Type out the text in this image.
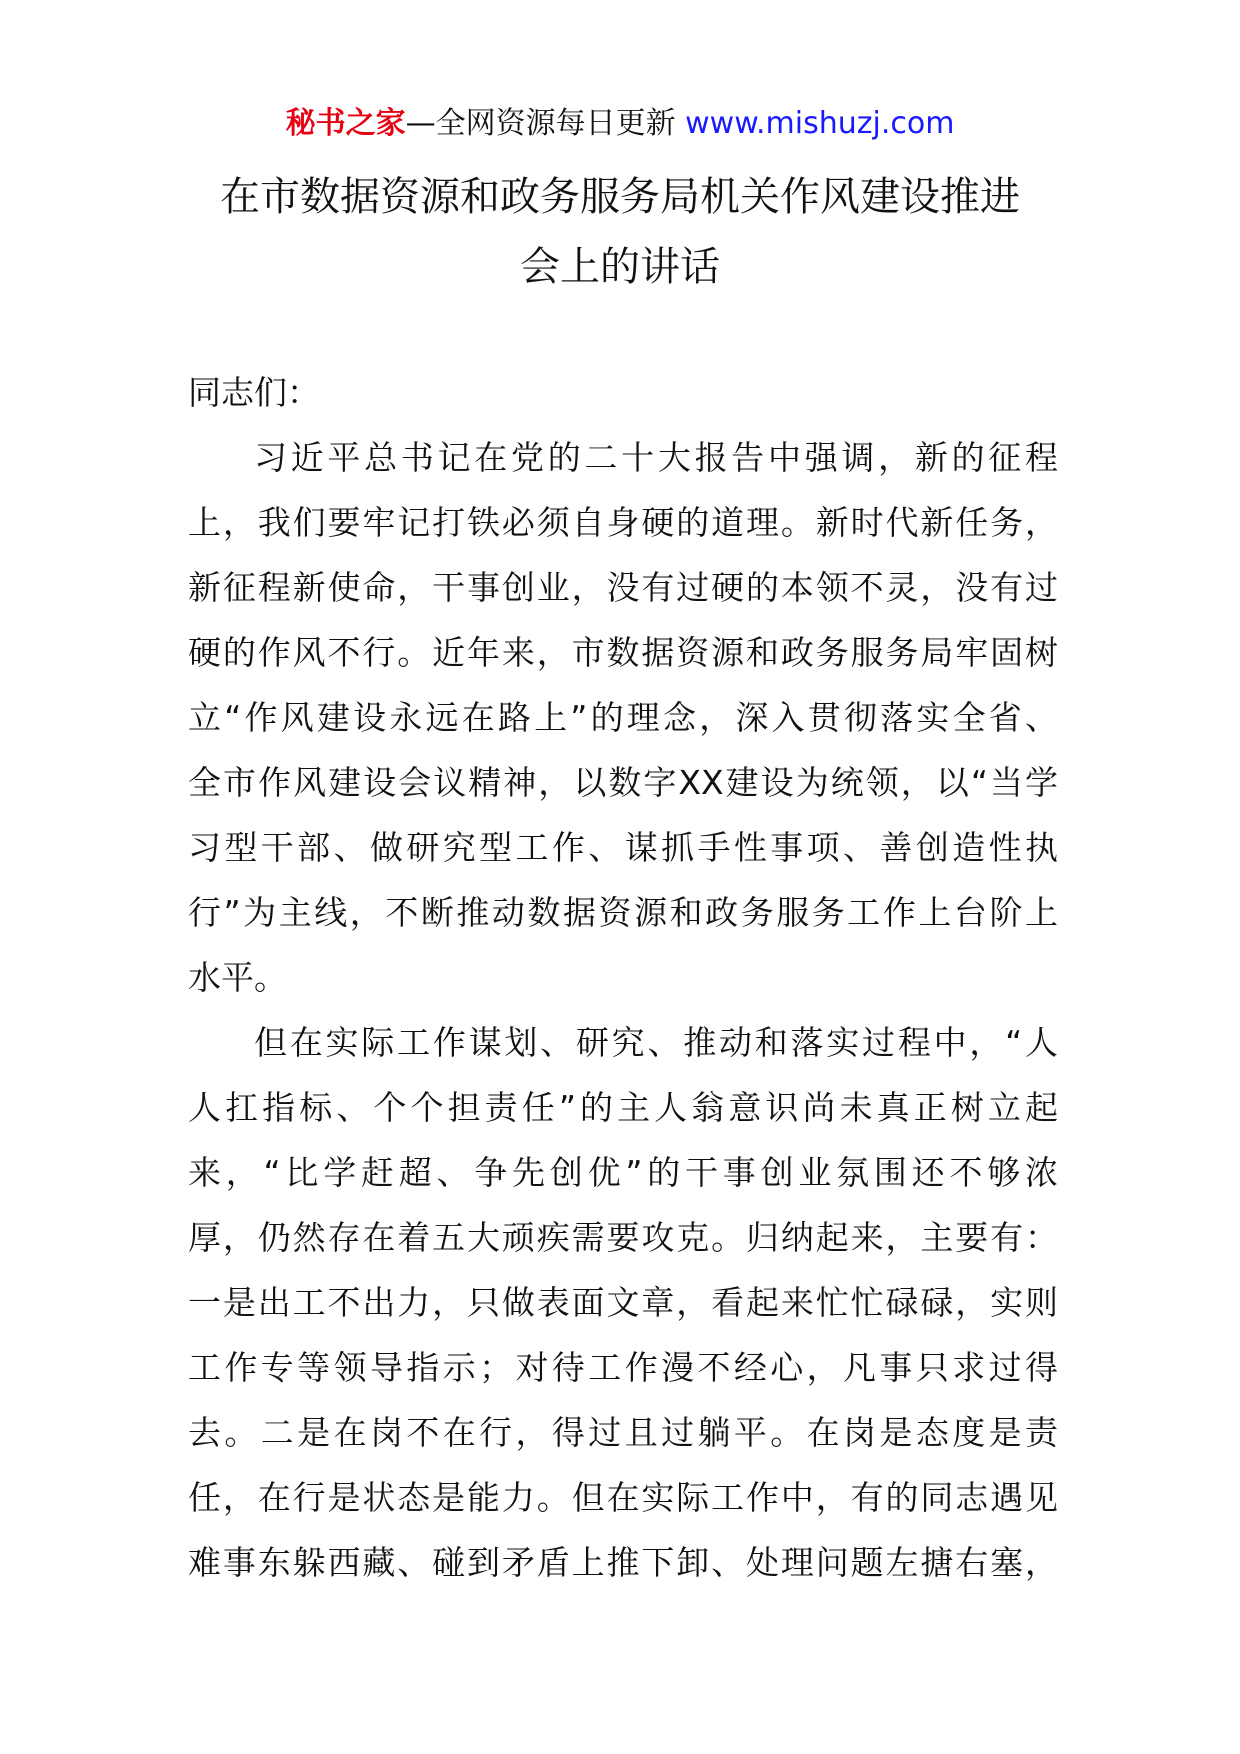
秘书之家—全网资源每日更新 www.mishuzj.com
在市数据资源和政务服务局机关作风建设推进
会上的讲话
同志们：
习近平总书记在党的二十大报告中强调，新的征程
上，我们要牢记打铁必须自身硬的道理。新时代新任务，
新征程新使命，干事创业，没有过硬的本领不灵，没有过
硬的作风不行。近年来，市数据资源和政务服务局牢固树
立“作风建设永远在路上”的理念，深入贯彻落实全省、
全市作风建设会议精神，以数字XX建设为统领，以“当学
习型干部、做研究型工作、谋抓手性事项、善创造性执
行”为主线，不断推动数据资源和政务服务工作上台阶上
水平。
但在实际工作谋划、研究、推动和落实过程中，“人
人扛指标、个个担责任”的主人翁意识尚未真正树立起
来，“比学赶超、争先创优”的干事创业氛围还不够浓
厚，仍然存在着五大顽疾需要攻克。归纳起来，主要有：
一是出工不出力，只做表面文章，看起来忙忙碌碌，实则
工作专等领导指示；对待工作漫不经心，凡事只求过得
去。二是在岗不在行，得过且过躺平。在岗是态度是责
任，在行是状态是能力。但在实际工作中，有的同志遇见
难事东躲西藏、碰到矛盾上推下卸、处理问题左搪右塞，
